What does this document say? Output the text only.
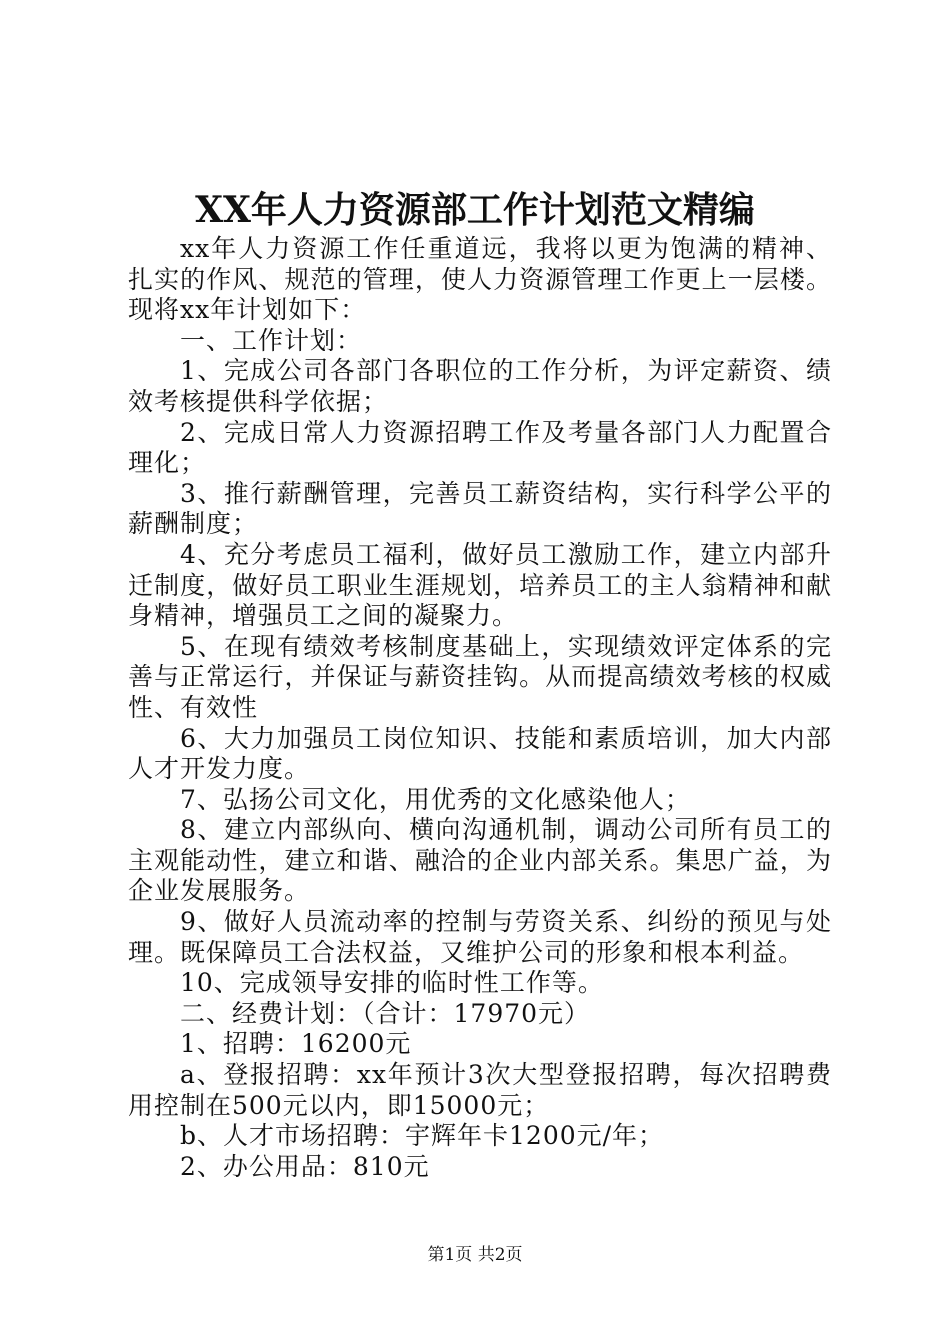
XX年人力资源部工作计划范文精编

xx年人力资源工作任重道远，我将以更为饱满的精神、扎实的作风、规范的管理，使人力资源管理工作更上一层楼。现将xx年计划如下：

一、工作计划：

1、完成公司各部门各职位的工作分析，为评定薪资、绩效考核提供科学依据；

2、完成日常人力资源招聘工作及考量各部门人力配置合理化；

3、推行薪酬管理，完善员工薪资结构，实行科学公平的薪酬制度；

4、充分考虑员工福利，做好员工激励工作，建立内部升迁制度，做好员工职业生涯规划，培养员工的主人翁精神和献身精神，增强员工之间的凝聚力。

5、在现有绩效考核制度基础上，实现绩效评定体系的完善与正常运行，并保证与薪资挂钩。从而提高绩效考核的权威性、有效性

6、大力加强员工岗位知识、技能和素质培训，加大内部人才开发力度。

7、弘扬公司文化，用优秀的文化感染他人；

8、建立内部纵向、横向沟通机制，调动公司所有员工的主观能动性，建立和谐、融洽的企业内部关系。集思广益，为企业发展服务。

9、做好人员流动率的控制与劳资关系、纠纷的预见与处理。既保障员工合法权益，又维护公司的形象和根本利益。

10、完成领导安排的临时性工作等。

二、经费计划：（合计：17970元）

1、招聘：16200元

a、登报招聘：xx年预计3次大型登报招聘，每次招聘费用控制在500元以内，即15000元；

b、人才市场招聘：宇辉年卡1200元/年；

2、办公用品：810元

第1页 共2页
